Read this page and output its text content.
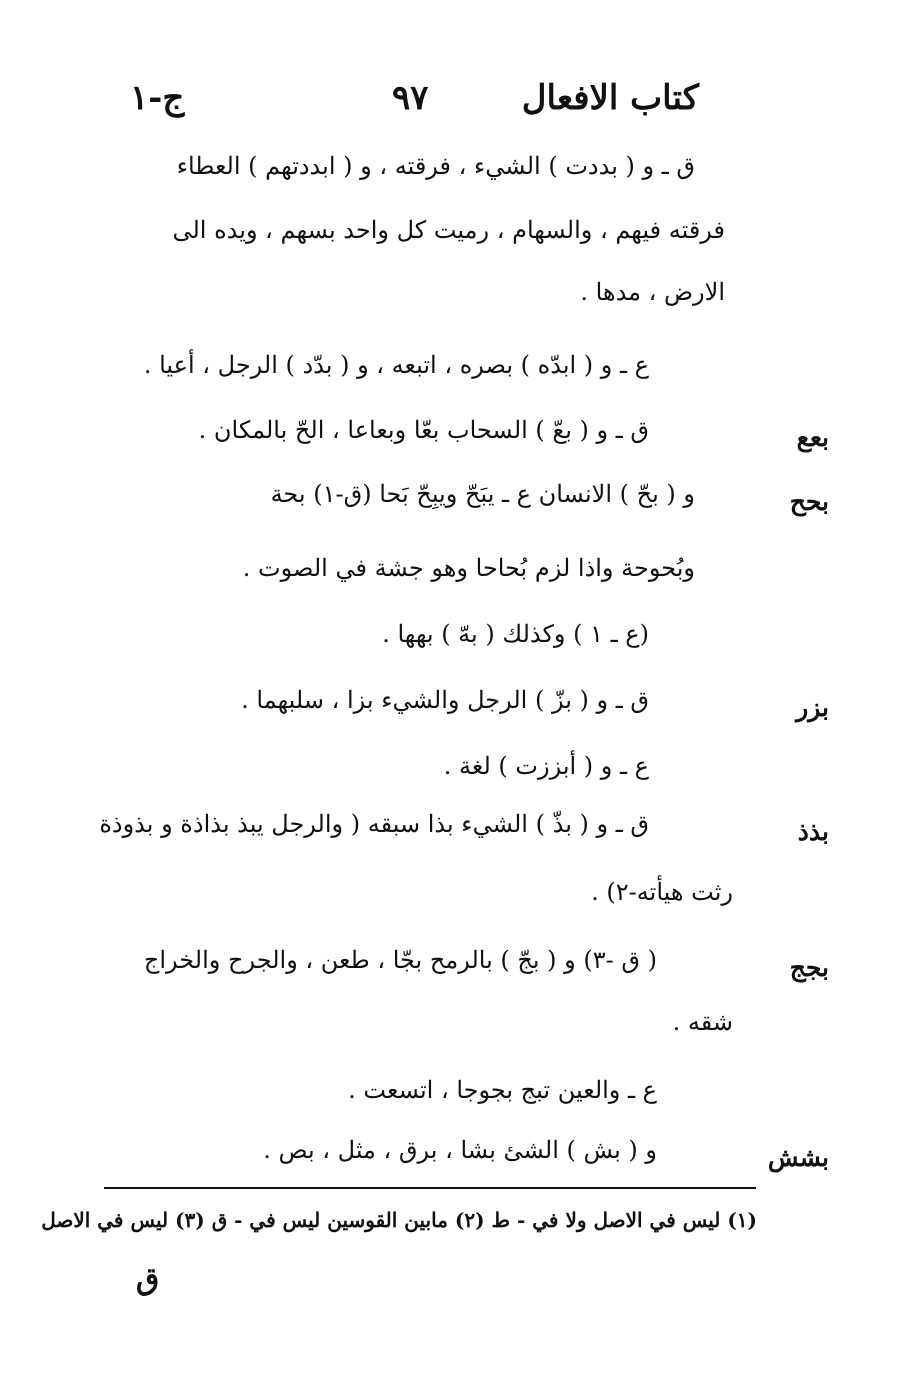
كتاب الافعال
٩٧
ج-١
ق ـ و ( بددت ) الشيء ، فرقته ، و ( ابددتهم ) العطاء
فرقته فيهم ، والسهام ، رميت كل واحد بسهم ، ويده الى
الارض ، مدها .
ع ـ و ( ابدّه ) بصره ، اتبعه ، و ( بدّد ) الرجل ، أعيا .
بعع
ق ـ و ( بعّ ) السحاب بعّا وبعاعا ، الحّ بالمكان .
بحح
و ( بحّ ) الانسان ع ـ يبَحّ ويبِحّ بَحا (ق-١) بحة
وبُحوحة واذا لزم بُحاحا وهو جشة في الصوت .
(ع ـ ١ ) وكذلك ( بهّ ) بهها .
بزر
ق ـ و ( بزّ ) الرجل والشيء بزا ، سلبهما .
ع ـ و ( أبززت ) لغة .
بذذ
ق ـ و ( بذّ ) الشيء بذا سبقه ( والرجل يبذ بذاذة و بذوذة
رثت هيأته-٢) .
بجج
( ق -٣) و ( بجّ ) بالرمح بجّا ، طعن ، والجرح والخراج
شقه .
ع ـ والعين تبج بجوجا ، اتسعت .
بشش
و ( بش ) الشئ بشا ، برق ، مثل ، بص .
(١) ليس في الاصل ولا في - ط (٢) مابين القوسين ليس في - ق (٣) ليس في الاصل
ق
